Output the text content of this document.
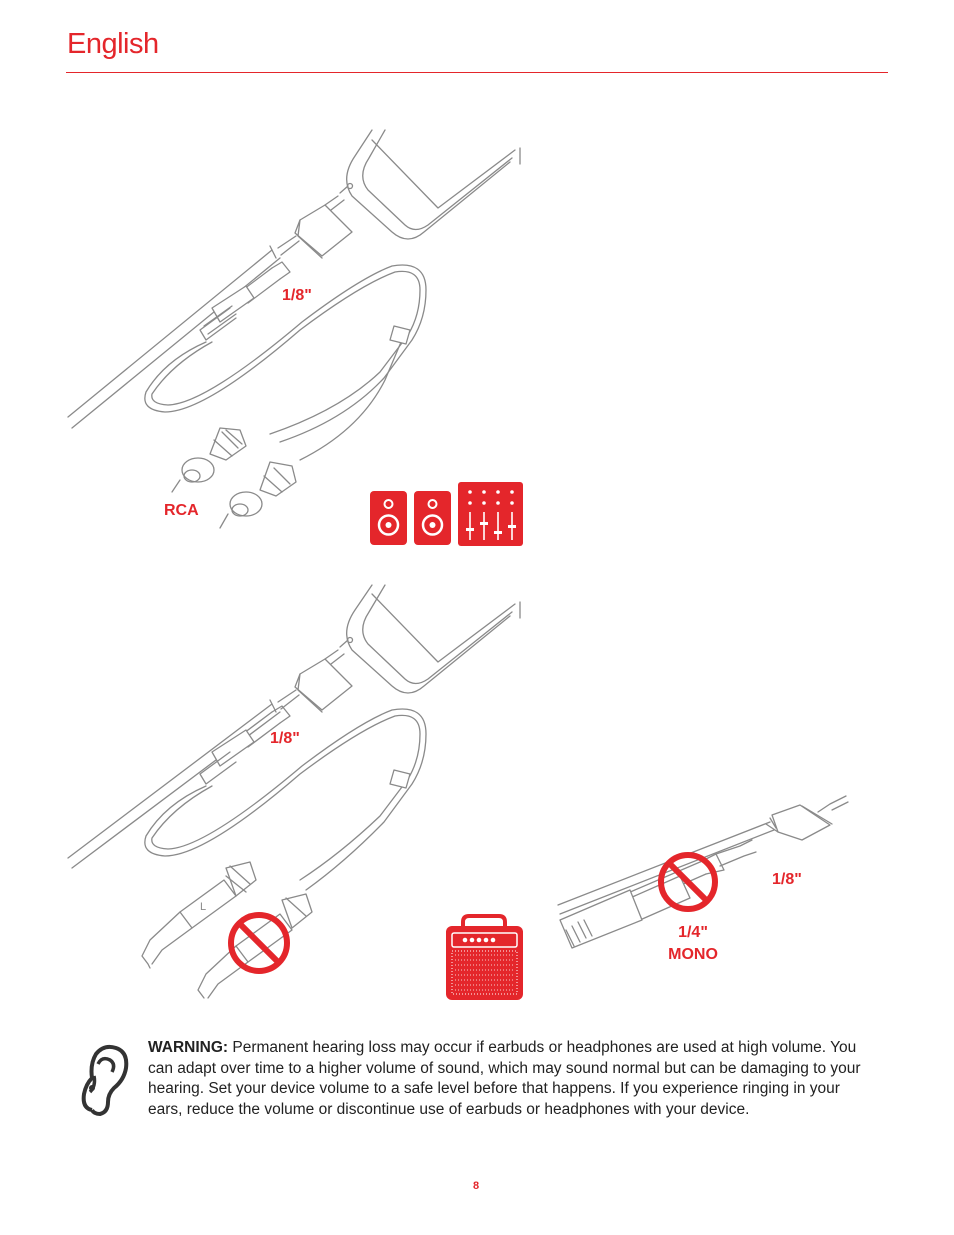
English
L
1/8"
RCA
1/8"
1/8"
1/4"
MONO
WARNING: Permanent hearing loss may occur if earbuds or headphones are used at high volume. You can adapt over time to a higher volume of sound, which may sound normal but can be damaging to your hearing. Set your device volume to a safe level before that happens. If you experience ringing in your ears, reduce the volume or discontinue use of earbuds or headphones with your device.
8
